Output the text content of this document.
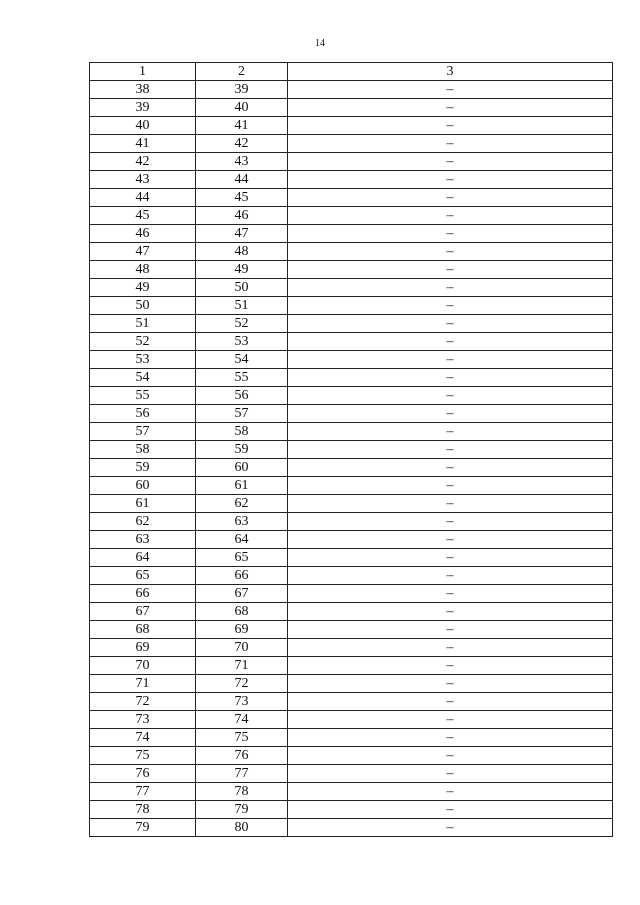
14
1	2	3
38	39	–
39	40	–
40	41	–
41	42	–
42	43	–
43	44	–
44	45	–
45	46	–
46	47	–
47	48	–
48	49	–
49	50	–
50	51	–
51	52	–
52	53	–
53	54	–
54	55	–
55	56	–
56	57	–
57	58	–
58	59	–
59	60	–
60	61	–
61	62	–
62	63	–
63	64	–
64	65	–
65	66	–
66	67	–
67	68	–
68	69	–
69	70	–
70	71	–
71	72	–
72	73	–
73	74	–
74	75	–
75	76	–
76	77	–
77	78	–
78	79	–
79	80	–
